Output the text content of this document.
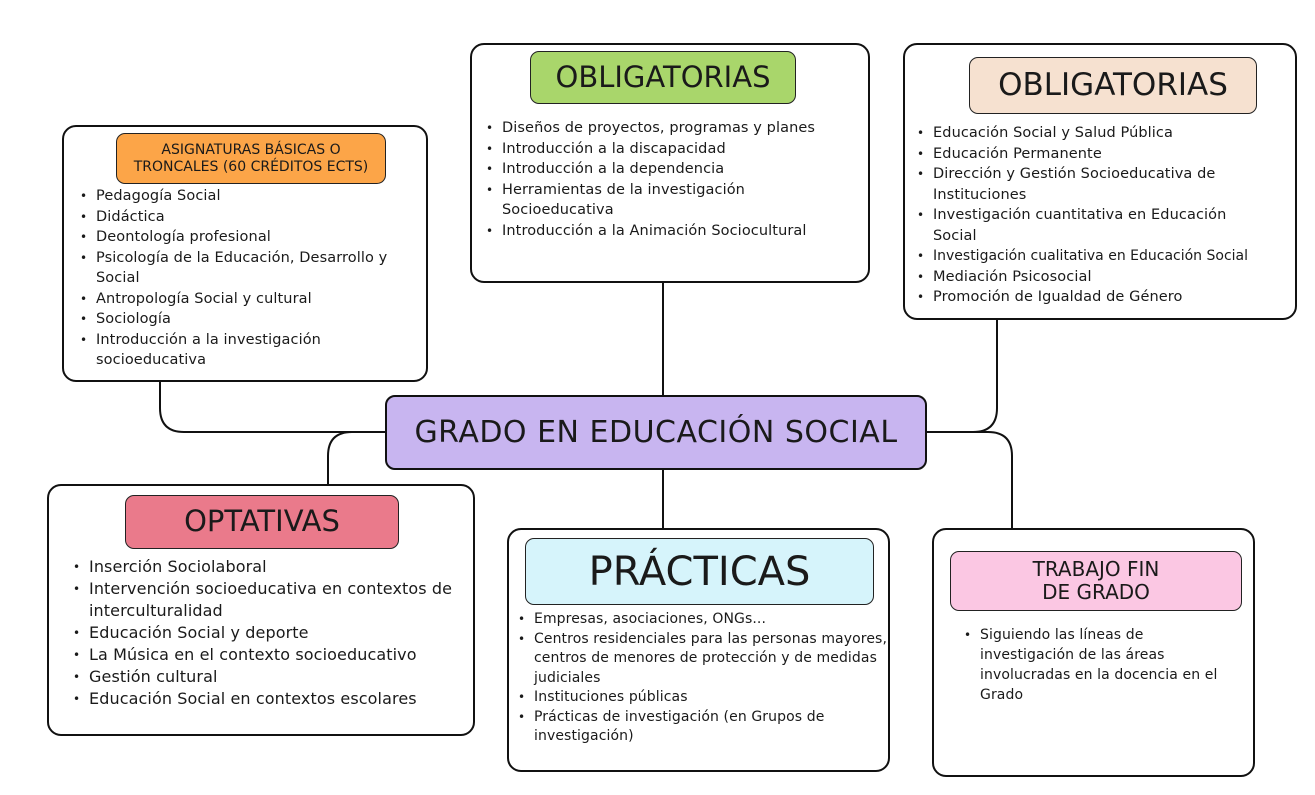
ASIGNATURAS BÁSICAS O
TRONCALES (60 CRÉDITOS ECTS)
• Pedagogía Social
• Didáctica
• Deontología profesional
• Psicología de la Educación, Desarrollo y Social
• Antropología Social y cultural
• Sociología
• Introducción a la investigación socioeducativa
OBLIGATORIAS
• Diseños de proyectos, programas y planes
• Introducción a la discapacidad
• Introducción a la dependencia
• Herramientas de la investigación Socioeducativa
• Introducción a la Animación Sociocultural
OBLIGATORIAS
• Educación Social y Salud Pública
• Educación Permanente
• Dirección y Gestión Socioeducativa de Instituciones
• Investigación cuantitativa en Educación Social
• Investigación cualitativa en Educación Social
• Mediación Psicosocial
• Promoción de Igualdad de Género
GRADO EN EDUCACIÓN SOCIAL
OPTATIVAS
• Inserción Sociolaboral
• Intervención socioeducativa en contextos de interculturalidad
• Educación Social y deporte
• La Música en el contexto socioeducativo
• Gestión cultural
• Educación Social en contextos escolares
PRÁCTICAS
• Empresas, asociaciones, ONGs...
• Centros residenciales para las personas mayores, centros de menores de protección y de medidas judiciales
• Instituciones públicas
• Prácticas de investigación (en Grupos de investigación)
TRABAJO FIN
DE GRADO
• Siguiendo las líneas de investigación de las áreas involucradas en la docencia en el Grado
